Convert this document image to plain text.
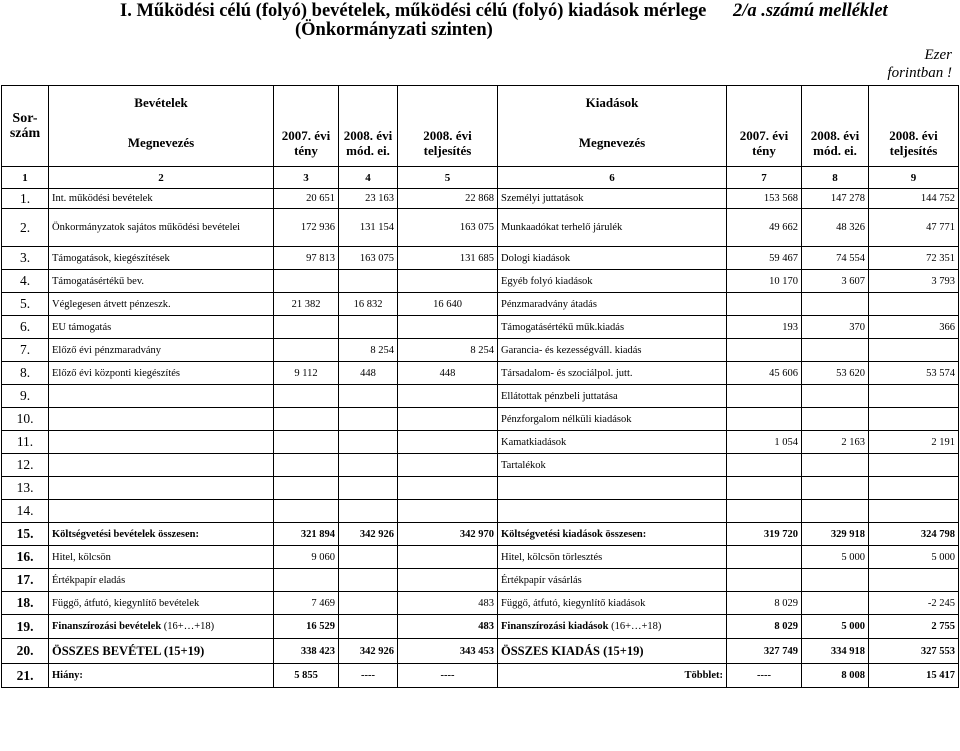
I. Működési célú (folyó) bevételek, működési célú (folyó) kiadások mérlege
(Önkormányzati szinten)
2/a .számú melléklet
Ezer
forintban !
Sor-szám	Bevételek				Kiadások			
	Megnevezés	2007. évi tény	2008. évi mód. ei.	2008. évi teljesítés	Megnevezés	2007. évi tény	2008. évi mód. ei.	2008. évi teljesítés
1	2	3	4	5	6	7	8	9
1.	Int. működési bevételek	20 651	23 163	22 868	Személyi juttatások	153 568	147 278	144 752
2.	Önkormányzatok sajátos működési bevételei	172 936	131 154	163 075	Munkaadókat terhelő járulék	49 662	48 326	47 771
3.	Támogatások, kiegészítések	97 813	163 075	131 685	Dologi kiadások	59 467	74 554	72 351
4.	Támogatásértékű bev.				Egyéb folyó kiadások	10 170	3 607	3 793
5.	Véglegesen átvett pénzeszk.	21 382	16 832	16 640	Pénzmaradvány átadás			
6.	EU támogatás				Támogatásértékű műk.kiadás	193	370	366
7.	Előző évi pénzmaradvány		8 254	8 254	Garancia- és kezességváll. kiadás			
8.	Előző évi központi kiegészítés	9 112	448	448	Társadalom- és szociálpol. jutt.	45 606	53 620	53 574
9.					Ellátottak pénzbeli juttatása			
10.					Pénzforgalom nélküli kiadások			
11.					Kamatkiadások	1 054	2 163	2 191
12.					Tartalékok			
13.								
14.								
15.	Költségvetési bevételek összesen:	321 894	342 926	342 970	Költségvetési kiadások összesen:	319 720	329 918	324 798
16.	Hitel, kölcsön	9 060			Hitel, kölcsön törlesztés		5 000	5 000
17.	Értékpapír eladás				Értékpapír vásárlás			
18.	Függő, átfutó, kiegynlítő bevételek	7 469		483	Függő, átfutó, kiegynlítő kiadások	8 029		-2 245
19.	Finanszírozási bevételek (16+…+18)	16 529		483	Finanszírozási kiadások (16+…+18)	8 029	5 000	2 755
20.	ÖSSZES BEVÉTEL (15+19)	338 423	342 926	343 453	ÖSSZES KIADÁS (15+19)	327 749	334 918	327 553
21.	Hiány:	5 855	----	----	Többlet:	----	8 008	15 417
